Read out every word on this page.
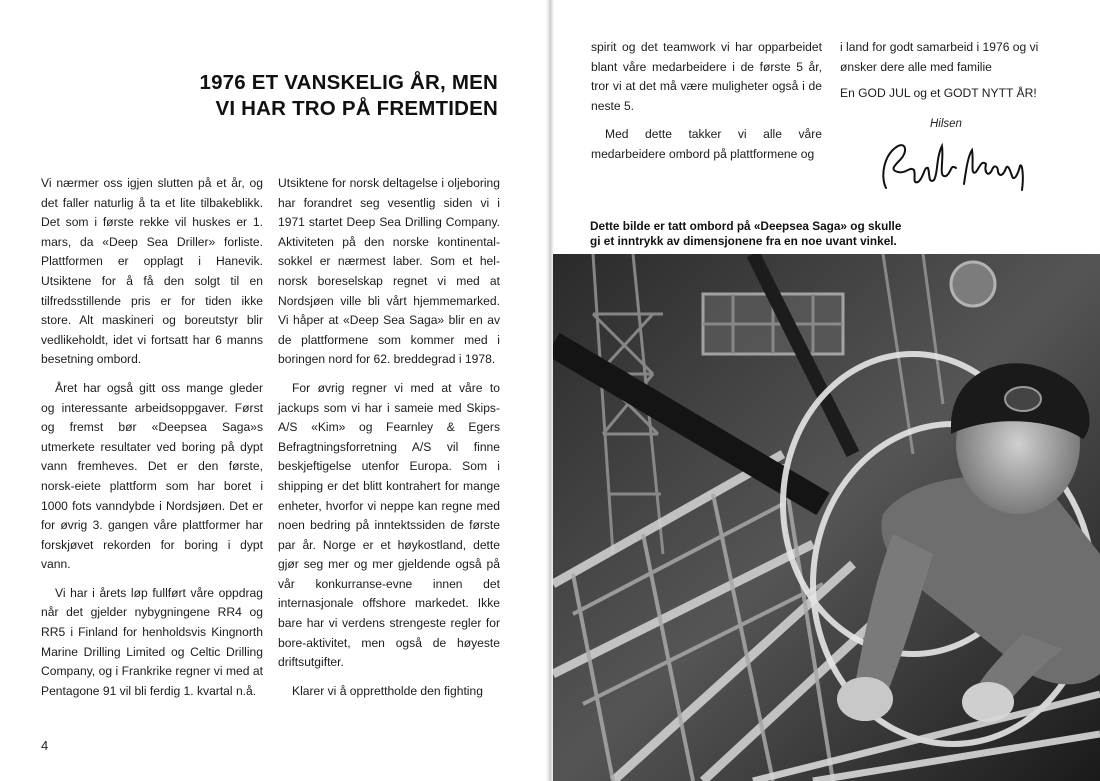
1976 ET VANSKELIG ÅR, MEN
VI HAR TRO PÅ FREMTIDEN

Vi nærmer oss igjen slutten på et år, og det faller naturlig å ta et lite tilbakeblikk. Det som i første rekke vil huskes er 1. mars, da «Deep Sea Driller» forliste. Plattformen er opplagt i Hanevik. Utsiktene for å få den solgt til en tilfredsstillende pris er for tiden ikke store. Alt maskineri og boreutstyr blir vedlikeholdt, idet vi fortsatt har 6 manns besetning ombord.

Året har også gitt oss mange gleder og interessante arbeidsoppgaver. Først og fremst bør «Deepsea Saga»s utmerkete resultater ved boring på dypt vann fremheves. Det er den første, norsk-eiete plattform som har boret i 1000 fots vanndybde i Nordsjøen. Det er for øvrig 3. gangen våre plattformer har forskjøvet rekorden for boring i dypt vann.

Vi har i årets løp fullført våre oppdrag når det gjelder nybygningene RR4 og RR5 i Finland for henholdsvis Kingnorth Marine Drilling Limited og Celtic Drilling Company, og i Frankrike regner vi med at Pentagone 91 vil bli ferdig 1. kvartal n.å.

Utsiktene for norsk deltagelse i oljeboring har forandret seg vesentlig siden vi i 1971 startet Deep Sea Drilling Company. Aktiviteten på den norske kontinental-sokkel er nærmest laber. Som et hel-norsk boreselskap regnet vi med at Nordsjøen ville bli vårt hjemmemarked. Vi håper at «Deep Sea Saga» blir en av de plattformene som kommer med i boringen nord for 62. breddegrad i 1978.

For øvrig regner vi med at våre to jackups som vi har i sameie med Skips-A/S «Kim» og Fearnley & Egers Befragtningsforretning A/S vil finne beskjeftigelse utenfor Europa. Som i shipping er det blitt kontrahert for mange enheter, hvorfor vi neppe kan regne med noen bedring på inntektssiden de første par år. Norge er et høykostland, dette gjør seg mer og mer gjeldende også på vår konkurranse-evne innen det internasjonale offshore markedet. Ikke bare har vi verdens strengeste regler for bore-aktivitet, men også de høyeste driftsutgifter.

Klarer vi å opprettholde den fighting

4

spirit og det teamwork vi har opparbeidet blant våre medarbeidere i de første 5 år, tror vi at det må være muligheter også i de neste 5.

Med dette takker vi alle våre medarbeidere ombord på plattformene og

i land for godt samarbeid i 1976 og vi ønsker dere alle med familie

En GOD JUL og et GODT NYTT ÅR!

Hilsen
Dette bilde er tatt ombord på «Deepsea Saga» og skulle
gi et inntrykk av dimensjonene fra en noe uvant vinkel.
